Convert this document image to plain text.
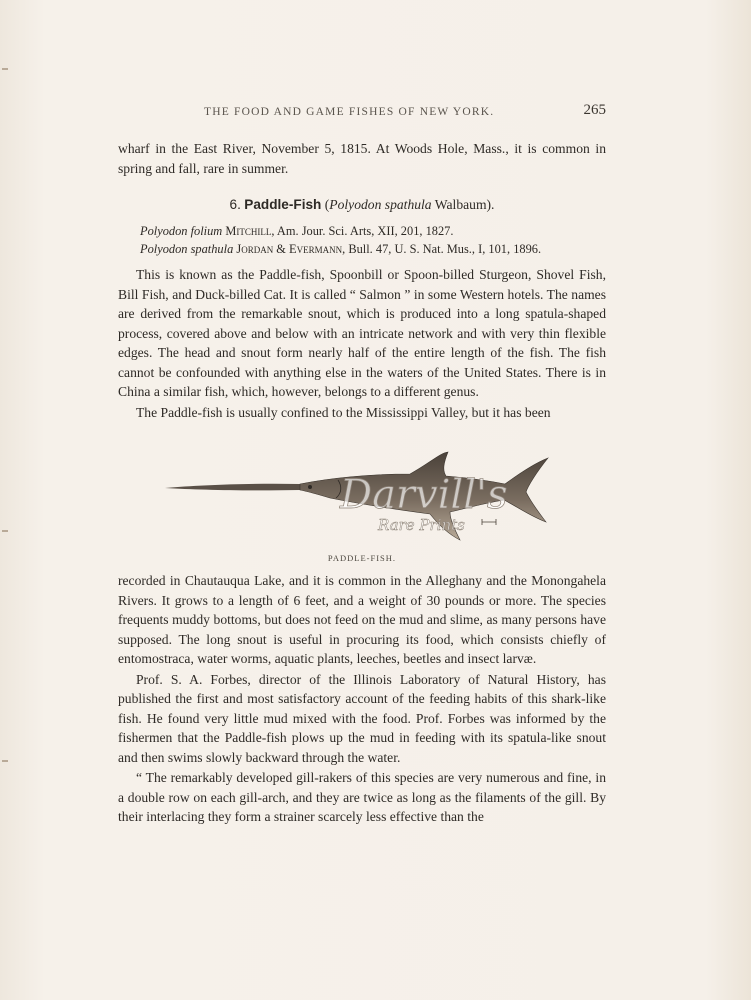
THE FOOD AND GAME FISHES OF NEW YORK.	265

wharf in the East River, November 5, 1815. At Woods Hole, Mass., it is common in spring and fall, rare in summer.

6. Paddle-Fish (Polyodon spathula Walbaum).
Polyodon folium Mitchill, Am. Jour. Sci. Arts, XII, 201, 1827.
Polyodon spathula Jordan & Evermann, Bull. 47, U. S. Nat. Mus., I, 101, 1896.

This is known as the Paddle-fish, Spoonbill or Spoon-billed Sturgeon, Shovel Fish, Bill Fish, and Duck-billed Cat. It is called “ Salmon ” in some Western hotels. The names are derived from the remarkable snout, which is produced into a long spatula-shaped process, covered above and below with an intricate network and with very thin flexible edges. The head and snout form nearly half of the entire length of the fish. The fish cannot be confounded with anything else in the waters of the United States. There is in China a similar fish, which, however, belongs to a different genus.

The Paddle-fish is usually confined to the Mississippi Valley, but it has been

Darvill's
Rare Prints
PADDLE-FISH.

recorded in Chautauqua Lake, and it is common in the Alleghany and the Monongahela Rivers. It grows to a length of 6 feet, and a weight of 30 pounds or more. The species frequents muddy bottoms, but does not feed on the mud and slime, as many persons have supposed. The long snout is useful in procuring its food, which consists chiefly of entomostraca, water worms, aquatic plants, leeches, beetles and insect larvæ.

Prof. S. A. Forbes, director of the Illinois Laboratory of Natural History, has published the first and most satisfactory account of the feeding habits of this shark-like fish. He found very little mud mixed with the food. Prof. Forbes was informed by the fishermen that the Paddle-fish plows up the mud in feeding with its spatula-like snout and then swims slowly backward through the water.

“ The remarkably developed gill-rakers of this species are very numerous and fine, in a double row on each gill-arch, and they are twice as long as the filaments of the gill. By their interlacing they form a strainer scarcely less effective than the
